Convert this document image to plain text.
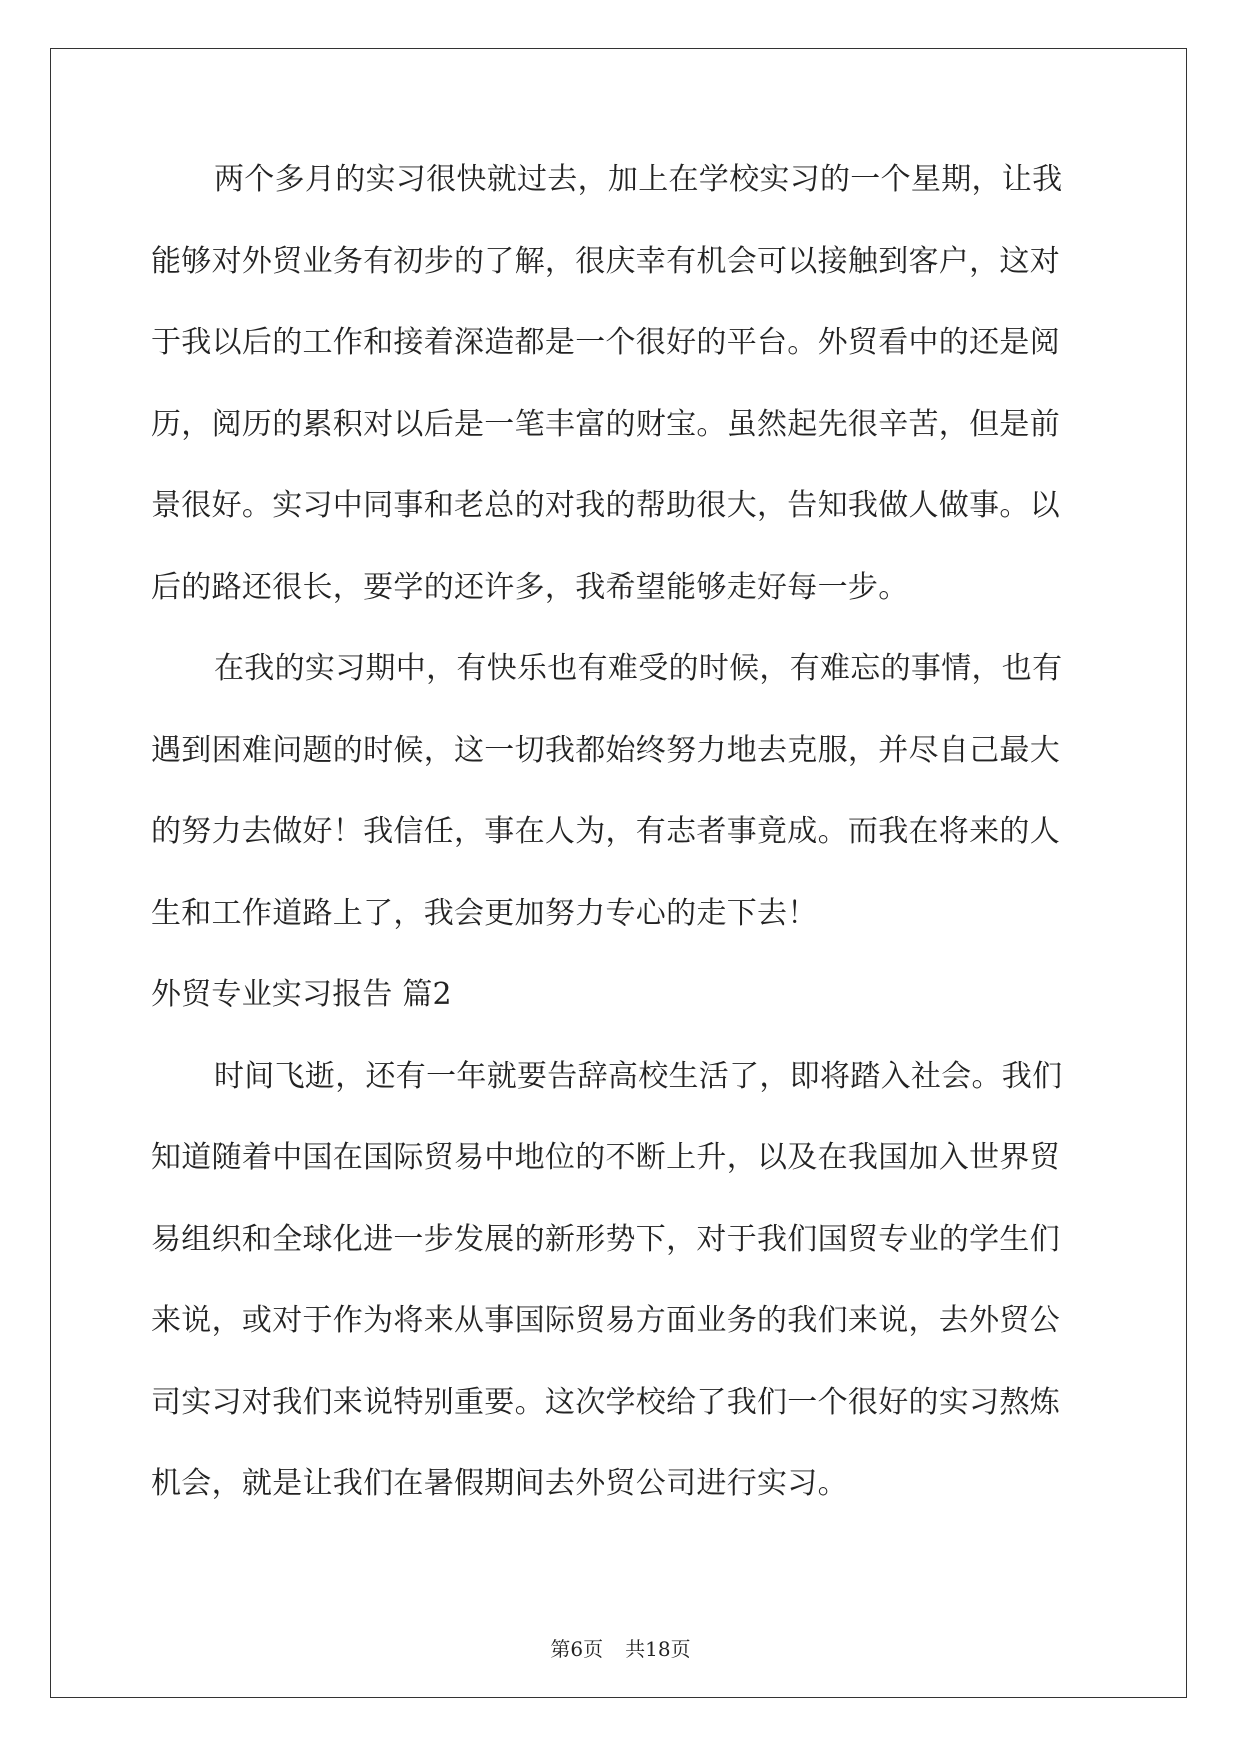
两个多月的实习很快就过去，加上在学校实习的一个星期，让我
能够对外贸业务有初步的了解，很庆幸有机会可以接触到客户，这对
于我以后的工作和接着深造都是一个很好的平台。外贸看中的还是阅
历，阅历的累积对以后是一笔丰富的财宝。虽然起先很辛苦，但是前
景很好。实习中同事和老总的对我的帮助很大，告知我做人做事。以
后的路还很长，要学的还许多，我希望能够走好每一步。
在我的实习期中，有快乐也有难受的时候，有难忘的事情，也有
遇到困难问题的时候，这一切我都始终努力地去克服，并尽自己最大
的努力去做好！我信任，事在人为，有志者事竟成。而我在将来的人
生和工作道路上了，我会更加努力专心的走下去！
外贸专业实习报告 篇2
时间飞逝，还有一年就要告辞高校生活了，即将踏入社会。我们
知道随着中国在国际贸易中地位的不断上升，以及在我国加入世界贸
易组织和全球化进一步发展的新形势下，对于我们国贸专业的学生们
来说，或对于作为将来从事国际贸易方面业务的我们来说，去外贸公
司实习对我们来说特别重要。这次学校给了我们一个很好的实习熬炼
机会，就是让我们在暑假期间去外贸公司进行实习。
第6页 共18页
